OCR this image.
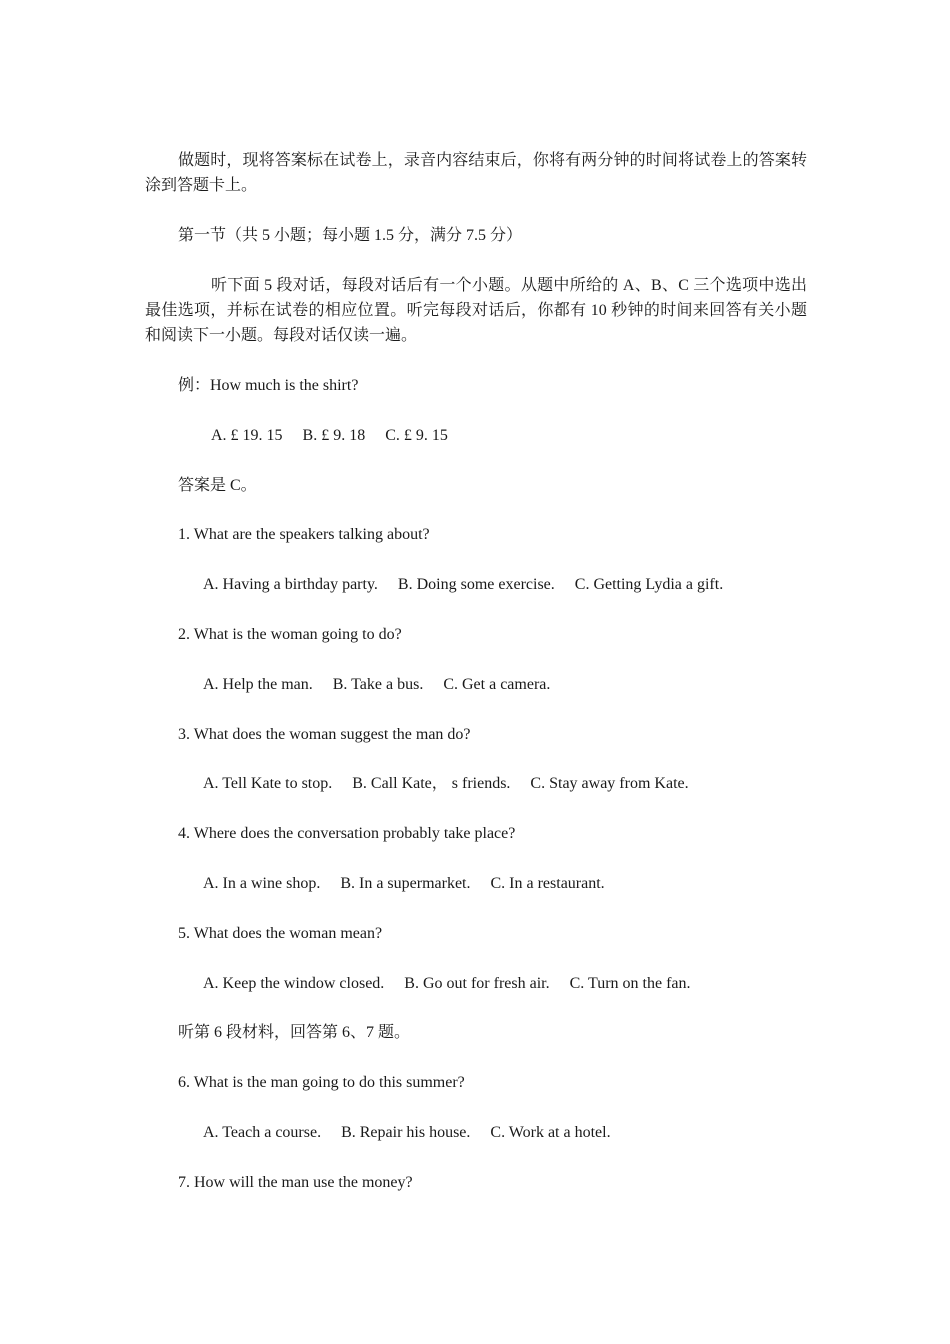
做题时，现将答案标在试卷上，录音内容结束后，你将有两分钟的时间将试卷上的答案转涂到答题卡上。
第一节（共 5 小题；每小题 1.5 分，满分 7.5 分）
听下面 5 段对话，每段对话后有一个小题。从题中所给的 A、B、C 三个选项中选出最佳选项，并标在试卷的相应位置。听完每段对话后，你都有 10 秒钟的时间来回答有关小题和阅读下一小题。每段对话仅读一遍。
例：How much is the shirt?
A. £ 19. 15　 B. £ 9. 18　 C. £ 9. 15
答案是 C。
1. What are the speakers talking about?
A. Having a birthday party.　 B. Doing some exercise.　 C. Getting Lydia a gift.
2. What is the woman going to do?
A. Help the man.　 B. Take a bus.　 C. Get a camera.
3. What does the woman suggest the man do?
A. Tell Kate to stop.　 B. Call Kate， s friends.　 C. Stay away from Kate.
4. Where does the conversation probably take place?
A. In a wine shop.　 B. In a supermarket.　 C. In a restaurant.
5. What does the woman mean?
A. Keep the window closed.　 B. Go out for fresh air.　 C. Turn on the fan.
听第 6 段材料，回答第 6、7 题。
6. What is the man going to do this summer?
A. Teach a course.　 B. Repair his house.　 C. Work at a hotel.
7. How will the man use the money?
